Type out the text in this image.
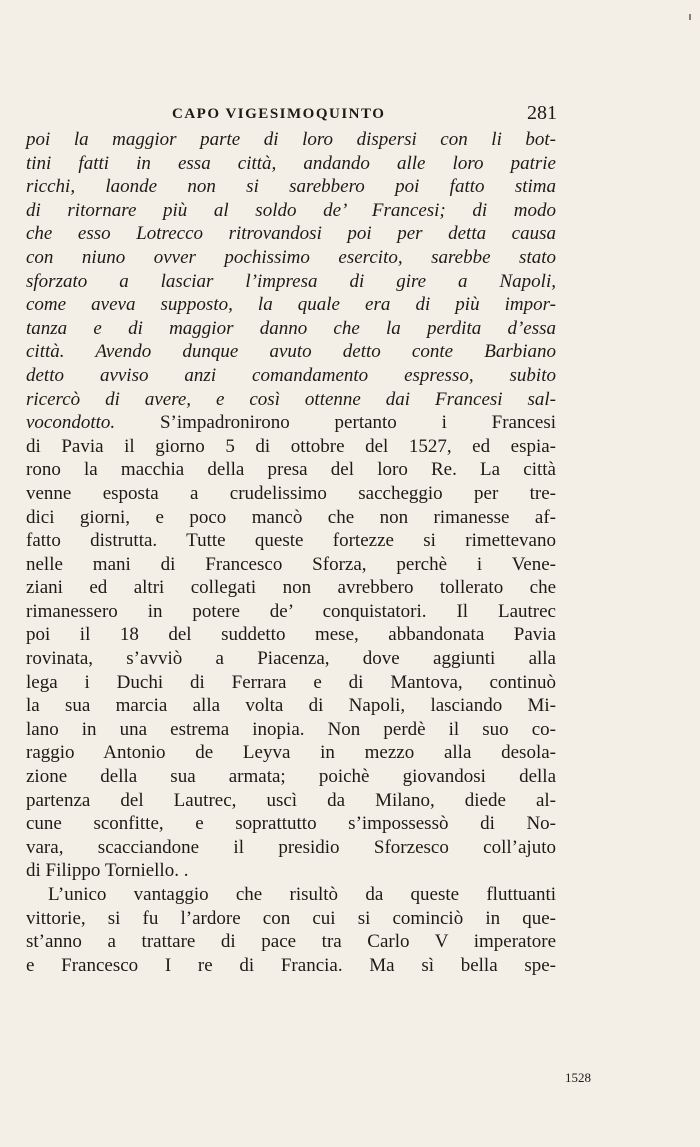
CAPO VIGESIMOQUINTO	281
poi la maggior parte di loro dispersi con li bot-
tini fatti in essa città, andando alle loro patrie
ricchi, laonde non si sarebbero poi fatto stima
di ritornare più al soldo de’ Francesi; di modo
che esso Lotrecco ritrovandosi poi per detta causa
con niuno ovver pochissimo esercito, sarebbe stato
sforzato a lasciar l’impresa di gire a Napoli,
come aveva supposto, la quale era di più impor-
tanza e di maggior danno che la perdita d’essa
città. Avendo dunque avuto detto conte Barbiano
detto avviso anzi comandamento espresso, subito
ricercò di avere, e così ottenne dai Francesi sal-
vocondotto. S’impadronirono pertanto i Francesi
di Pavia il giorno 5 di ottobre del 1527, ed espia-
rono la macchia della presa del loro Re. La città
venne esposta a crudelissimo saccheggio per tre-
dici giorni, e poco mancò che non rimanesse af-
fatto distrutta. Tutte queste fortezze si rimettevano
nelle mani di Francesco Sforza, perchè i Vene-
ziani ed altri collegati non avrebbero tollerato che
rimanessero in potere de’ conquistatori. Il Lautrec
poi il 18 del suddetto mese, abbandonata Pavia
rovinata, s’avviò a Piacenza, dove aggiunti alla
lega i Duchi di Ferrara e di Mantova, continuò
la sua marcia alla volta di Napoli, lasciando Mi-
lano in una estrema inopia. Non perdè il suo co-
raggio Antonio de Leyva in mezzo alla desola-
zione della sua armata; poichè giovandosi della
partenza del Lautrec, uscì da Milano, diede al-
cune sconfitte, e soprattutto s’impossessò di No-
vara, scacciandone il presidio Sforzesco coll’ajuto
di Filippo Torniello. .
L’unico vantaggio che risultò da queste fluttuanti
vittorie, si fu l’ardore con cui si cominciò in que-
st’anno a trattare di pace tra Carlo V imperatore
e Francesco I re di Francia. Ma sì bella spe-
1528
